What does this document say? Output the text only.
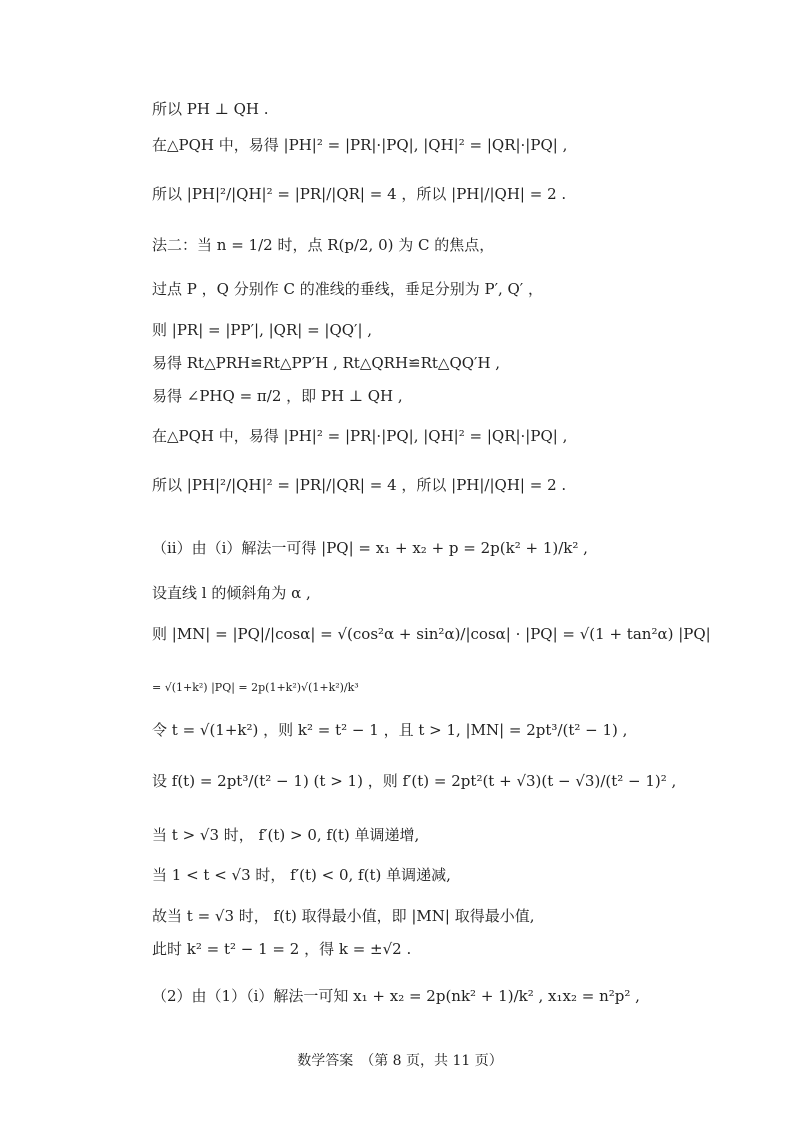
所以 PH ⊥ QH .
在△PQH 中，易得 |PH|² = |PR|·|PQ|, |QH|² = |QR|·|PQ| ,
所以 |PH|²/|QH|² = |PR|/|QR| = 4 ，所以 |PH|/|QH| = 2 .
法二：当 n = 1/2 时，点 R(p/2, 0) 为 C 的焦点，
过点 P ，Q 分别作 C 的准线的垂线，垂足分别为 P′, Q′ ，
则 |PR| = |PP′|, |QR| = |QQ′| ,
易得 Rt△PRH≌Rt△PP′H , Rt△QRH≌Rt△QQ′H ,
易得 ∠PHQ = π/2 ，即 PH ⊥ QH ,
在△PQH 中，易得 |PH|² = |PR|·|PQ|, |QH|² = |QR|·|PQ| ,
所以 |PH|²/|QH|² = |PR|/|QR| = 4 ，所以 |PH|/|QH| = 2 .
（ii）由（i）解法一可得 |PQ| = x₁ + x₂ + p = 2p(k² + 1)/k² ,
设直线 l 的倾斜角为 α ,
则 |MN| = |PQ|/|cosα| = √(cos²α + sin²α)/|cosα| · |PQ| = √(1 + tan²α) |PQ|
= √(1+k²) |PQ| = 2p(1+k²)√(1+k²)/k³
令 t = √(1+k²) ，则 k² = t² − 1 ，且 t > 1, |MN| = 2pt³/(t² − 1) ,
设 f(t) = 2pt³/(t² − 1) (t > 1) ，则 f′(t) = 2pt²(t + √3)(t − √3)/(t² − 1)² ,
当 t > √3 时， f′(t) > 0, f(t) 单调递增,
当 1 < t < √3 时， f′(t) < 0, f(t) 单调递减,
故当 t = √3 时， f(t) 取得最小值，即 |MN| 取得最小值,
此时 k² = t² − 1 = 2 ，得 k = ±√2 .
（2）由（1）（i）解法一可知 x₁ + x₂ = 2p(nk² + 1)/k² , x₁x₂ = n²p² ,
数学答案　（第 8 页，共 11 页）
